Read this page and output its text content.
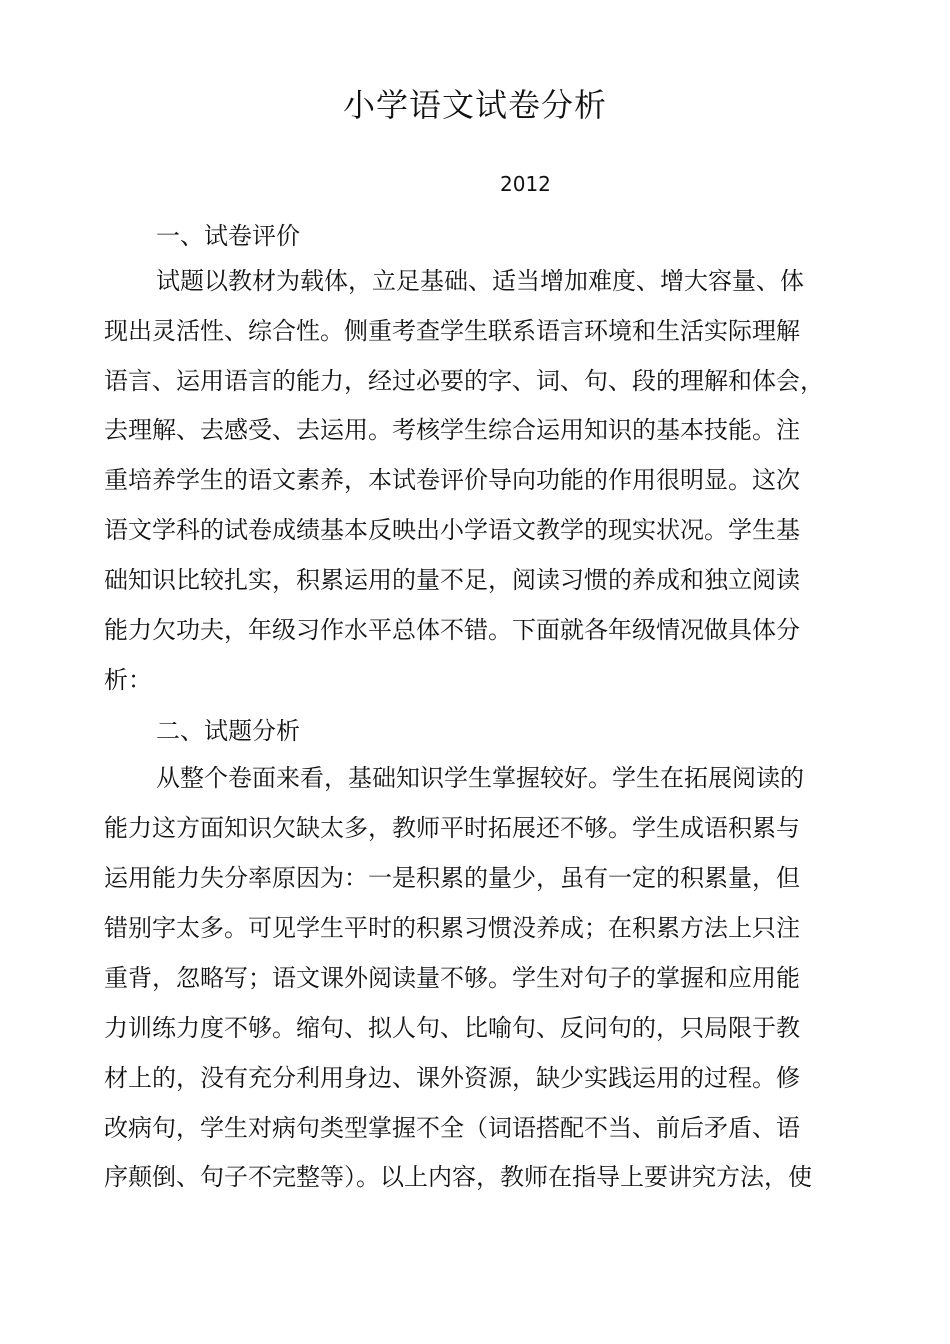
小学语文试卷分析
2012
一、试卷评价
试题以教材为载体，立足基础、适当增加难度、增大容量、体
现出灵活性、综合性。侧重考查学生联系语言环境和生活实际理解
语言、运用语言的能力，经过必要的字、词、句、段的理解和体会，
去理解、去感受、去运用。考核学生综合运用知识的基本技能。注
重培养学生的语文素养，本试卷评价导向功能的作用很明显。这次
语文学科的试卷成绩基本反映出小学语文教学的现实状况。学生基
础知识比较扎实，积累运用的量不足，阅读习惯的养成和独立阅读
能力欠功夫，年级习作水平总体不错。下面就各年级情况做具体分
析：
二、试题分析
从整个卷面来看，基础知识学生掌握较好。学生在拓展阅读的
能力这方面知识欠缺太多，教师平时拓展还不够。学生成语积累与
运用能力失分率原因为：一是积累的量少，虽有一定的积累量，但
错别字太多。可见学生平时的积累习惯没养成；在积累方法上只注
重背，忽略写；语文课外阅读量不够。学生对句子的掌握和应用能
力训练力度不够。缩句、拟人句、比喻句、反问句的，只局限于教
材上的，没有充分利用身边、课外资源，缺少实践运用的过程。修
改病句，学生对病句类型掌握不全（词语搭配不当、前后矛盾、语
序颠倒、句子不完整等）。以上内容，教师在指导上要讲究方法，使
